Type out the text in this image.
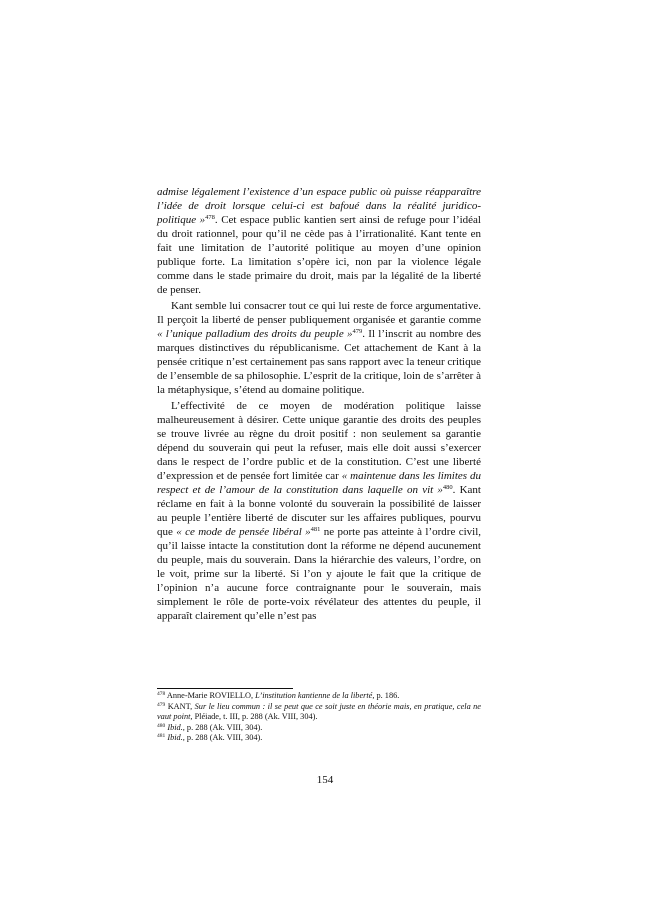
admise légalement l’existence d’un espace public où puisse réapparaître l’idée de droit lorsque celui-ci est bafoué dans la réalité juridico-politique »$^{478}$. Cet espace public kantien sert ainsi de refuge pour l’idéal du droit rationnel, pour qu’il ne cède pas à l’irrationalité. Kant tente en fait une limitation de l’autorité politique au moyen d’une opinion publique forte. La limitation s’opère ici, non par la violence légale comme dans le stade primaire du droit, mais par la légalité de la liberté de penser.

Kant semble lui consacrer tout ce qui lui reste de force argumentative. Il perçoit la liberté de penser publiquement organisée et garantie comme « l’unique palladium des droits du peuple »$^{479}$. Il l’inscrit au nombre des marques distinctives du républicanisme. Cet attachement de Kant à la pensée critique n’est certainement pas sans rapport avec la teneur critique de l’ensemble de sa philosophie. L’esprit de la critique, loin de s’arrêter à la métaphysique, s’étend au domaine politique.

L’effectivité de ce moyen de modération politique laisse malheureusement à désirer. Cette unique garantie des droits des peuples se trouve livrée au règne du droit positif : non seulement sa garantie dépend du souverain qui peut la refuser, mais elle doit aussi s’exercer dans le respect de l’ordre public et de la constitution. C’est une liberté d’expression et de pensée fort limitée car « maintenue dans les limites du respect et de l’amour de la constitution dans laquelle on vit »$^{480}$. Kant réclame en fait à la bonne volonté du souverain la possibilité de laisser au peuple l’entière liberté de discuter sur les affaires publiques, pourvu que « ce mode de pensée libéral »$^{481}$ ne porte pas atteinte à l’ordre civil, qu’il laisse intacte la constitution dont la réforme ne dépend aucunement du peuple, mais du souverain. Dans la hiérarchie des valeurs, l’ordre, on le voit, prime sur la liberté. Si l’on y ajoute le fait que la critique de l’opinion n’a aucune force contraignante pour le souverain, mais simplement le rôle de porte-voix révélateur des attentes du peuple, il apparaît clairement qu’elle n’est pas

$^{478}$ Anne-Marie ROVIELLO, L’institution kantienne de la liberté, p. 186.

$^{479}$ KANT, Sur le lieu commun : il se peut que ce soit juste en théorie mais, en pratique, cela ne vaut point, Pléiade, t. III, p. 288 (Ak. VIII, 304).

$^{480}$ Ibid., p. 288 (Ak. VIII, 304).

$^{481}$ Ibid., p. 288 (Ak. VIII, 304).

154
